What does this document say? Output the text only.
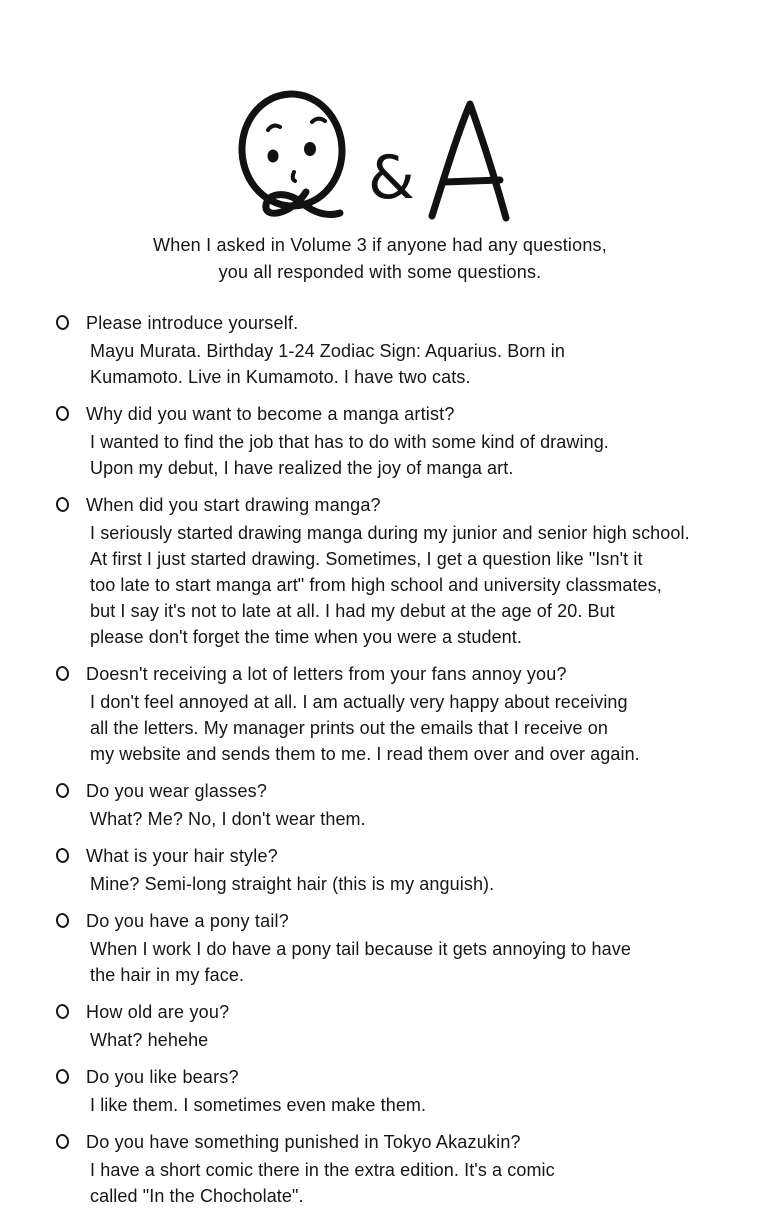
&
When I asked in Volume 3 if anyone had any questions,
you all responded with some questions.
Please introduce yourself.
Mayu Murata. Birthday 1-24 Zodiac Sign: Aquarius. Born in
Kumamoto. Live in Kumamoto. I have two cats.
Why did you want to become a manga artist?
I wanted to find the job that has to do with some kind of drawing.
Upon my debut, I have realized the joy of manga art.
When did you start drawing manga?
I seriously started drawing manga during my junior and senior high school.
At first I just started drawing. Sometimes, I get a question like "Isn't it
too late to start manga art" from high school and university classmates,
but I say it's not to late at all. I had my debut at the age of 20. But
please don't forget the time when you were a student.
Doesn't receiving a lot of letters from your fans annoy you?
I don't feel annoyed at all. I am actually very happy about receiving
all the letters. My manager prints out the emails that I receive on
my website and sends them to me. I read them over and over again.
Do you wear glasses?
What? Me? No, I don't wear them.
What is your hair style?
Mine? Semi-long straight hair (this is my anguish).
Do you have a pony tail?
When I work I do have a pony tail because it gets annoying to have
the hair in my face.
How old are you?
What? hehehe
Do you like bears?
I like them. I sometimes even make them.
Do you have something punished in Tokyo Akazukin?
I have a short comic there in the extra edition. It's a comic
called "In the Chocholate".
